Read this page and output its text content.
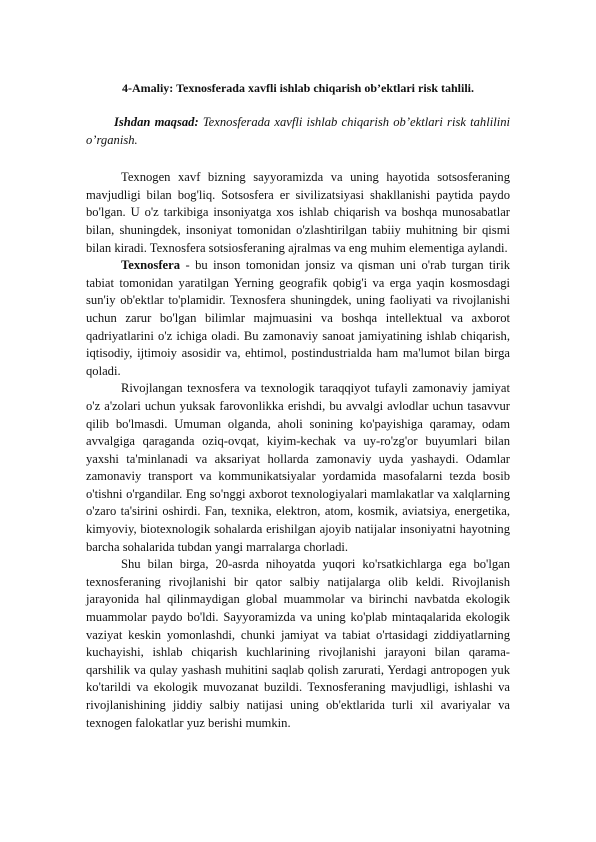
4-Amaliy: Texnosferada xavfli ishlab chiqarish ob’ektlari risk tahlili.

Ishdan maqsad: Texnosferada xavfli ishlab chiqarish ob’ektlari risk tahlilini o’rganish.

Texnogen xavf bizning sayyoramizda va uning hayotida sotsosferaning mavjudligi bilan bog'liq. Sotsosfera er sivilizatsiyasi shakllanishi paytida paydo bo'lgan. U o'z tarkibiga insoniyatga xos ishlab chiqarish va boshqa munosabatlar bilan, shuningdek, insoniyat tomonidan o'zlashtirilgan tabiiy muhitning bir qismi bilan kiradi. Texnosfera sotsiosferaning ajralmas va eng muhim elementiga aylandi.

Texnosfera - bu inson tomonidan jonsiz va qisman uni o'rab turgan tirik tabiat tomonidan yaratilgan Yerning geografik qobig'i va erga yaqin kosmosdagi sun'iy ob'ektlar to'plamidir. Texnosfera shuningdek, uning faoliyati va rivojlanishi uchun zarur bo'lgan bilimlar majmuasini va boshqa intellektual va axborot qadriyatlarini o'z ichiga oladi. Bu zamonaviy sanoat jamiyatining ishlab chiqarish, iqtisodiy, ijtimoiy asosidir va, ehtimol, postindustrialda ham ma'lumot bilan birga qoladi.

Rivojlangan texnosfera va texnologik taraqqiyot tufayli zamonaviy jamiyat o'z a'zolari uchun yuksak farovonlikka erishdi, bu avvalgi avlodlar uchun tasavvur qilib bo'lmasdi. Umuman olganda, aholi sonining ko'payishiga qaramay, odam avvalgiga qaraganda oziq-ovqat, kiyim-kechak va uy-ro'zg'or buyumlari bilan yaxshi ta'minlanadi va aksariyat hollarda zamonaviy uyda yashaydi. Odamlar zamonaviy transport va kommunikatsiyalar yordamida masofalarni tezda bosib o'tishni o'rgandilar. Eng so'nggi axborot texnologiyalari mamlakatlar va xalqlarning o'zaro ta'sirini oshirdi. Fan, texnika, elektron, atom, kosmik, aviatsiya, energetika, kimyoviy, biotexnologik sohalarda erishilgan ajoyib natijalar insoniyatni hayotning barcha sohalarida tubdan yangi marralarga chorladi.

Shu bilan birga, 20-asrda nihoyatda yuqori ko'rsatkichlarga ega bo'lgan texnosferaning rivojlanishi bir qator salbiy natijalarga olib keldi. Rivojlanish jarayonida hal qilinmaydigan global muammolar va birinchi navbatda ekologik muammolar paydo bo'ldi. Sayyoramizda va uning ko'plab mintaqalarida ekologik vaziyat keskin yomonlashdi, chunki jamiyat va tabiat o'rtasidagi ziddiyatlarning kuchayishi, ishlab chiqarish kuchlarining rivojlanishi jarayoni bilan qarama-qarshilik va qulay yashash muhitini saqlab qolish zarurati, Yerdagi antropogen yuk ko'tarildi va ekologik muvozanat buzildi. Texnosferaning mavjudligi, ishlashi va rivojlanishining jiddiy salbiy natijasi uning ob'ektlarida turli xil avariyalar va texnogen falokatlar yuz berishi mumkin.
